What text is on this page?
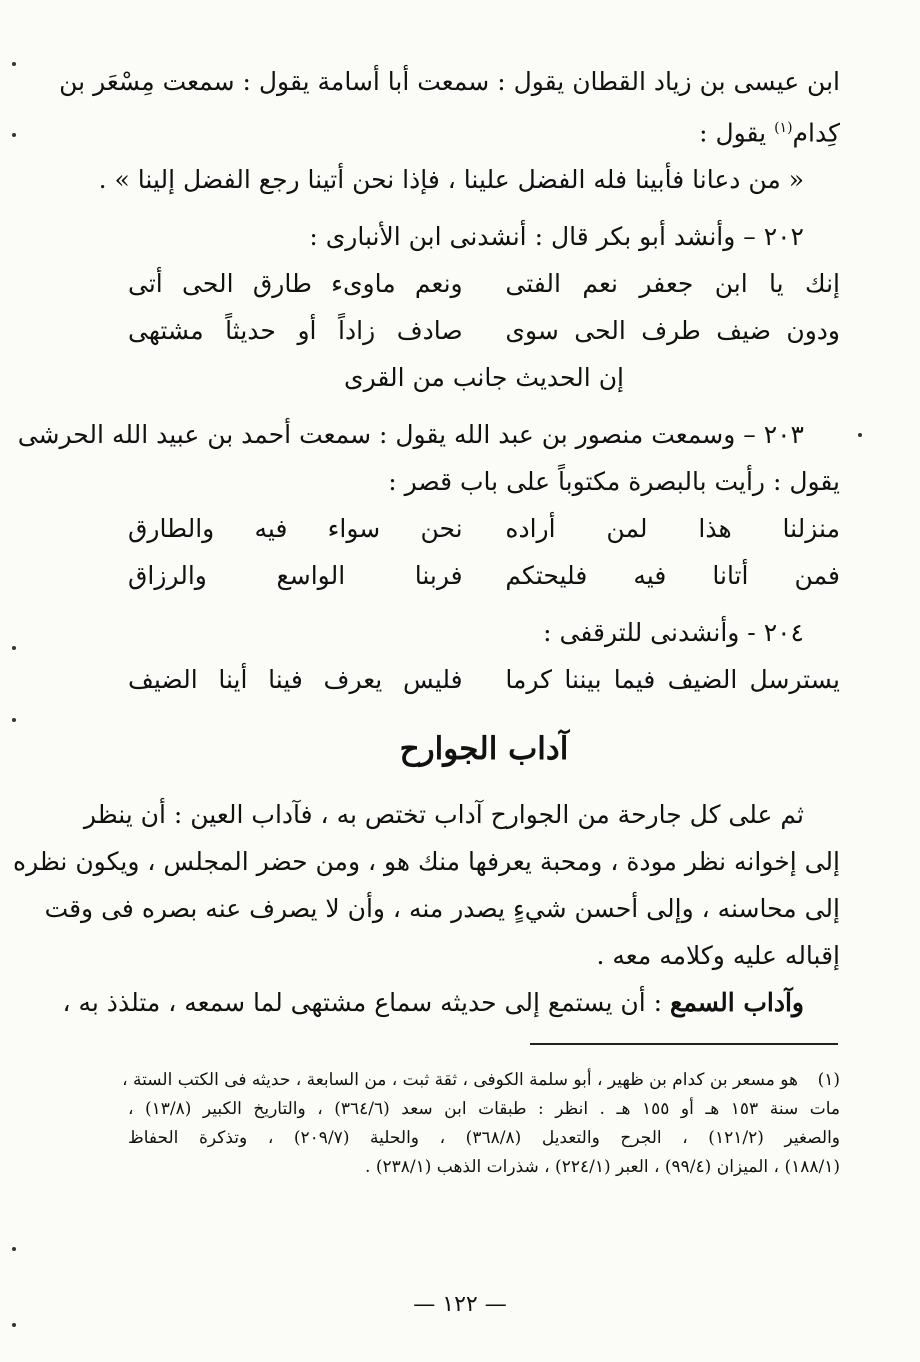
ابن عيسى بن زياد القطان يقول : سمعت أبا أسامة يقول : سمعت مِسْعَر بن
كِدام$^{(١)}$ يقول :
« من دعانا فأبينا فله الفضل علينا ، فإذا نحن أتينا رجع الفضل إلينا » .
٢٠٢ – وأنشد أبو بكر قال : أنشدنى ابن الأنبارى :
إنك يا ابن جعفر نعم الفتى
ونعم ماوىء طارق الحى أتى
ودون ضيف طرف الحى سوى
صادف زاداً أو حديثاً مشتهى
إن الحديث جانب من القرى
٢٠٣ – وسمعت منصور بن عبد الله يقول : سمعت أحمد بن عبيد الله الحرشى
يقول : رأيت بالبصرة مكتوباً على باب قصر :
منزلنا هذا لمن أراده
نحن سواء فيه والطارق
فمن أتانا فيه فليحتكم
فربنا الواسع والرزاق
٢٠٤ - وأنشدنى للترقفى :
يسترسل الضيف فيما بيننا كرما
فليس يعرف فينا أينا الضيف
آداب الجوارح
ثم على كل جارحة من الجوارح آداب تختص به ، فآداب العين : أن ينظر
إلى إخوانه نظر مودة ، ومحبة يعرفها منك هو ، ومن حضر المجلس ، ويكون نظره
إلى محاسنه ، وإلى أحسن شيءٍ يصدر منه ، وأن لا يصرف عنه بصره فى وقت
إقباله عليه وكلامه معه .
وآداب السمع : أن يستمع إلى حديثه سماع مشتهى لما سمعه ، متلذذ به ،
(١)هو مسعر بن كدام بن ظهير ، أبو سلمة الكوفى ، ثقة ثبت ، من السابعة ، حديثه فى الكتب الستة ،
مات سنة ١٥٣ هـ أو ١٥٥ هـ . انظر : طبقات ابن سعد (٣٦٤/٦) ، والتاريخ الكبير (١٣/٨) ،
والصغير (١٢١/٢) ، الجرح والتعديل (٣٦٨/٨) ، والحلية (٢٠٩/٧) ، وتذكرة الحفاظ
(١٨٨/١) ، الميزان (٩٩/٤) ، العبر (٢٢٤/١) ، شذرات الذهب (٢٣٨/١) .
— ١٢٢ —
